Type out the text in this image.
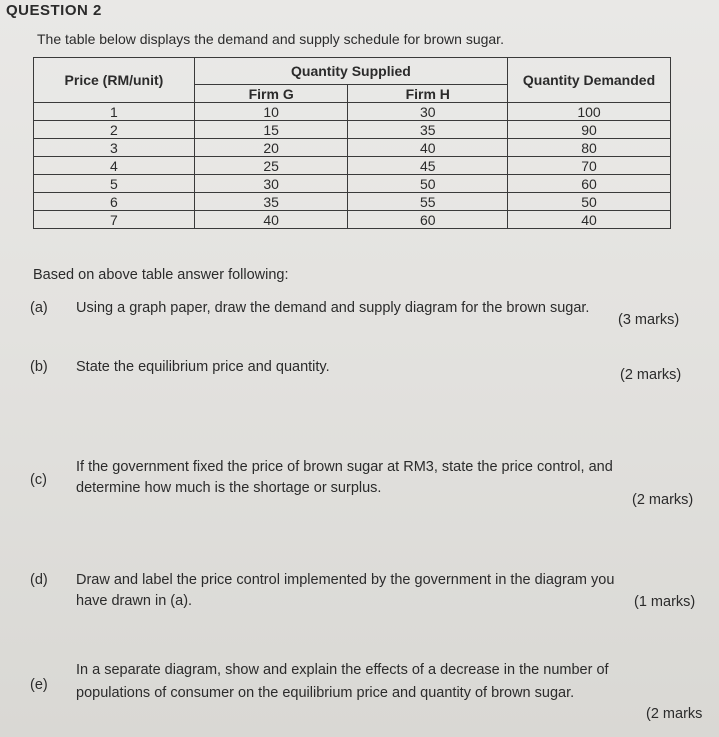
QUESTION 2
The table below displays the demand and supply schedule for brown sugar.
Price (RM/unit)	Quantity Supplied		Quantity Demanded
	Firm G	Firm H	
1	10	30	100
2	15	35	90
3	20	40	80
4	25	45	70
5	30	50	60
6	35	55	50
7	40	60	40
Based on above table answer following:
(a) Using a graph paper, draw the demand and supply diagram for the brown sugar.
(3 marks)
(b) State the equilibrium price and quantity.	(2 marks)
(c)
If the government fixed the price of brown sugar at RM3, state the price control, and
determine how much is the shortage or surplus.
(2 marks)
(d) Draw and label the price control implemented by the government in the diagram you
have drawn in (a).	(1 marks)
(e)
In a separate diagram, show and explain the effects of a decrease in the number of
populations of consumer on the equilibrium price and quantity of brown sugar.
(2 marks
